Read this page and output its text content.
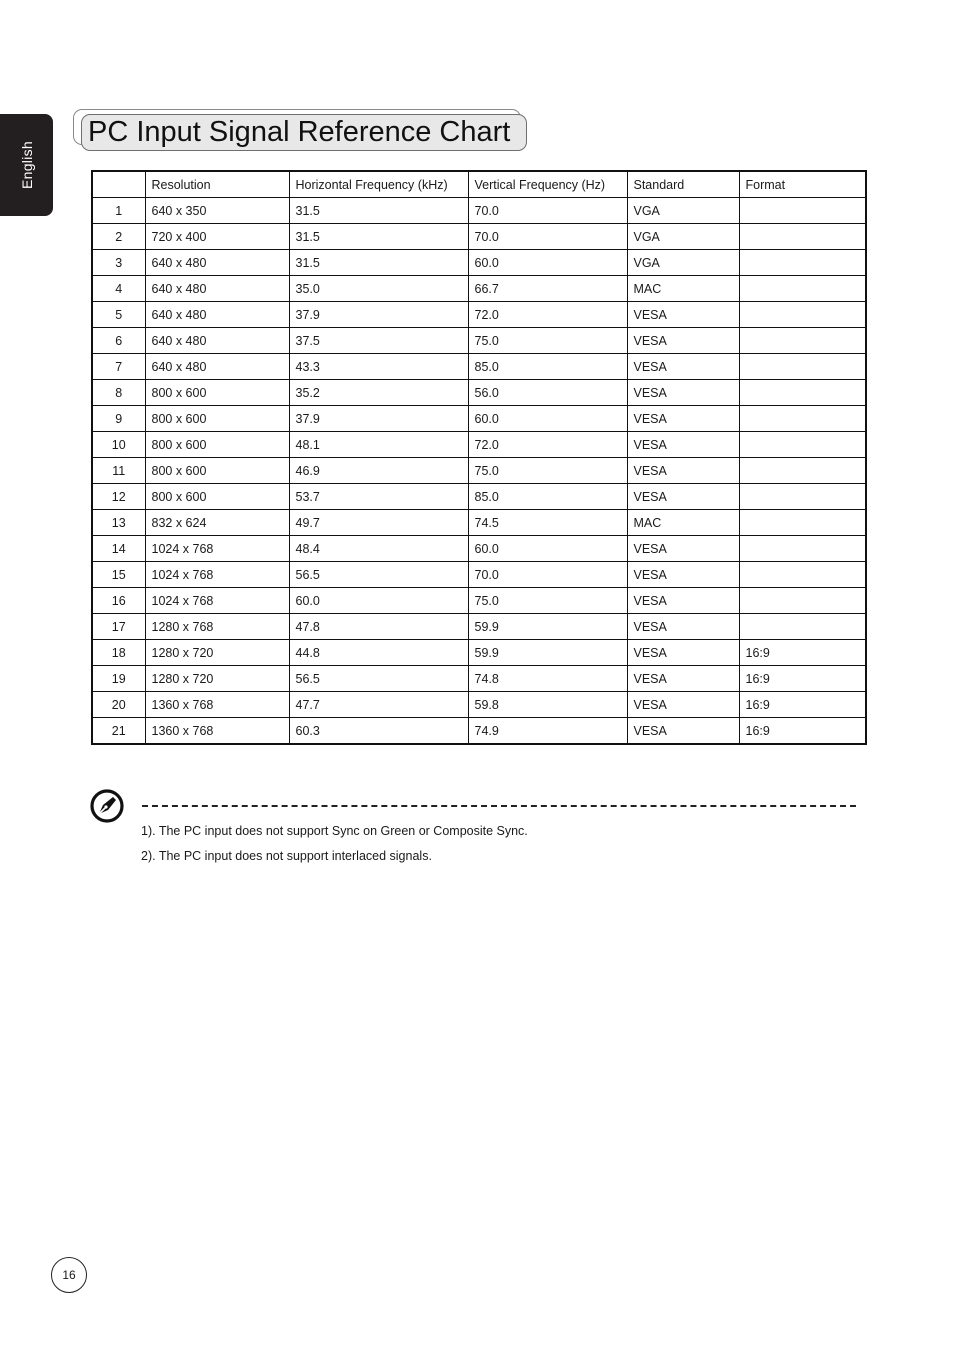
English
PC Input Signal Reference Chart
	Resolution	Horizontal Frequency (kHz)	Vertical Frequency (Hz)	Standard	Format
1	640 x 350	31.5	70.0	VGA	
2	720 x 400	31.5	70.0	VGA	
3	640 x 480	31.5	60.0	VGA	
4	640 x 480	35.0	66.7	MAC	
5	640 x 480	37.9	72.0	VESA	
6	640 x 480	37.5	75.0	VESA	
7	640 x 480	43.3	85.0	VESA	
8	800 x 600	35.2	56.0	VESA	
9	800 x 600	37.9	60.0	VESA	
10	800 x 600	48.1	72.0	VESA	
11	800 x 600	46.9	75.0	VESA	
12	800 x 600	53.7	85.0	VESA	
13	832 x 624	49.7	74.5	MAC	
14	1024 x 768	48.4	60.0	VESA	
15	1024 x 768	56.5	70.0	VESA	
16	1024 x 768	60.0	75.0	VESA	
17	1280 x 768	47.8	59.9	VESA	
18	1280 x 720	44.8	59.9	VESA	16:9
19	1280 x 720	56.5	74.8	VESA	16:9
20	1360 x 768	47.7	59.8	VESA	16:9
21	1360 x 768	60.3	74.9	VESA	16:9
1). The PC input does not support Sync on Green or Composite Sync.
2). The PC input does not support interlaced signals.
16
